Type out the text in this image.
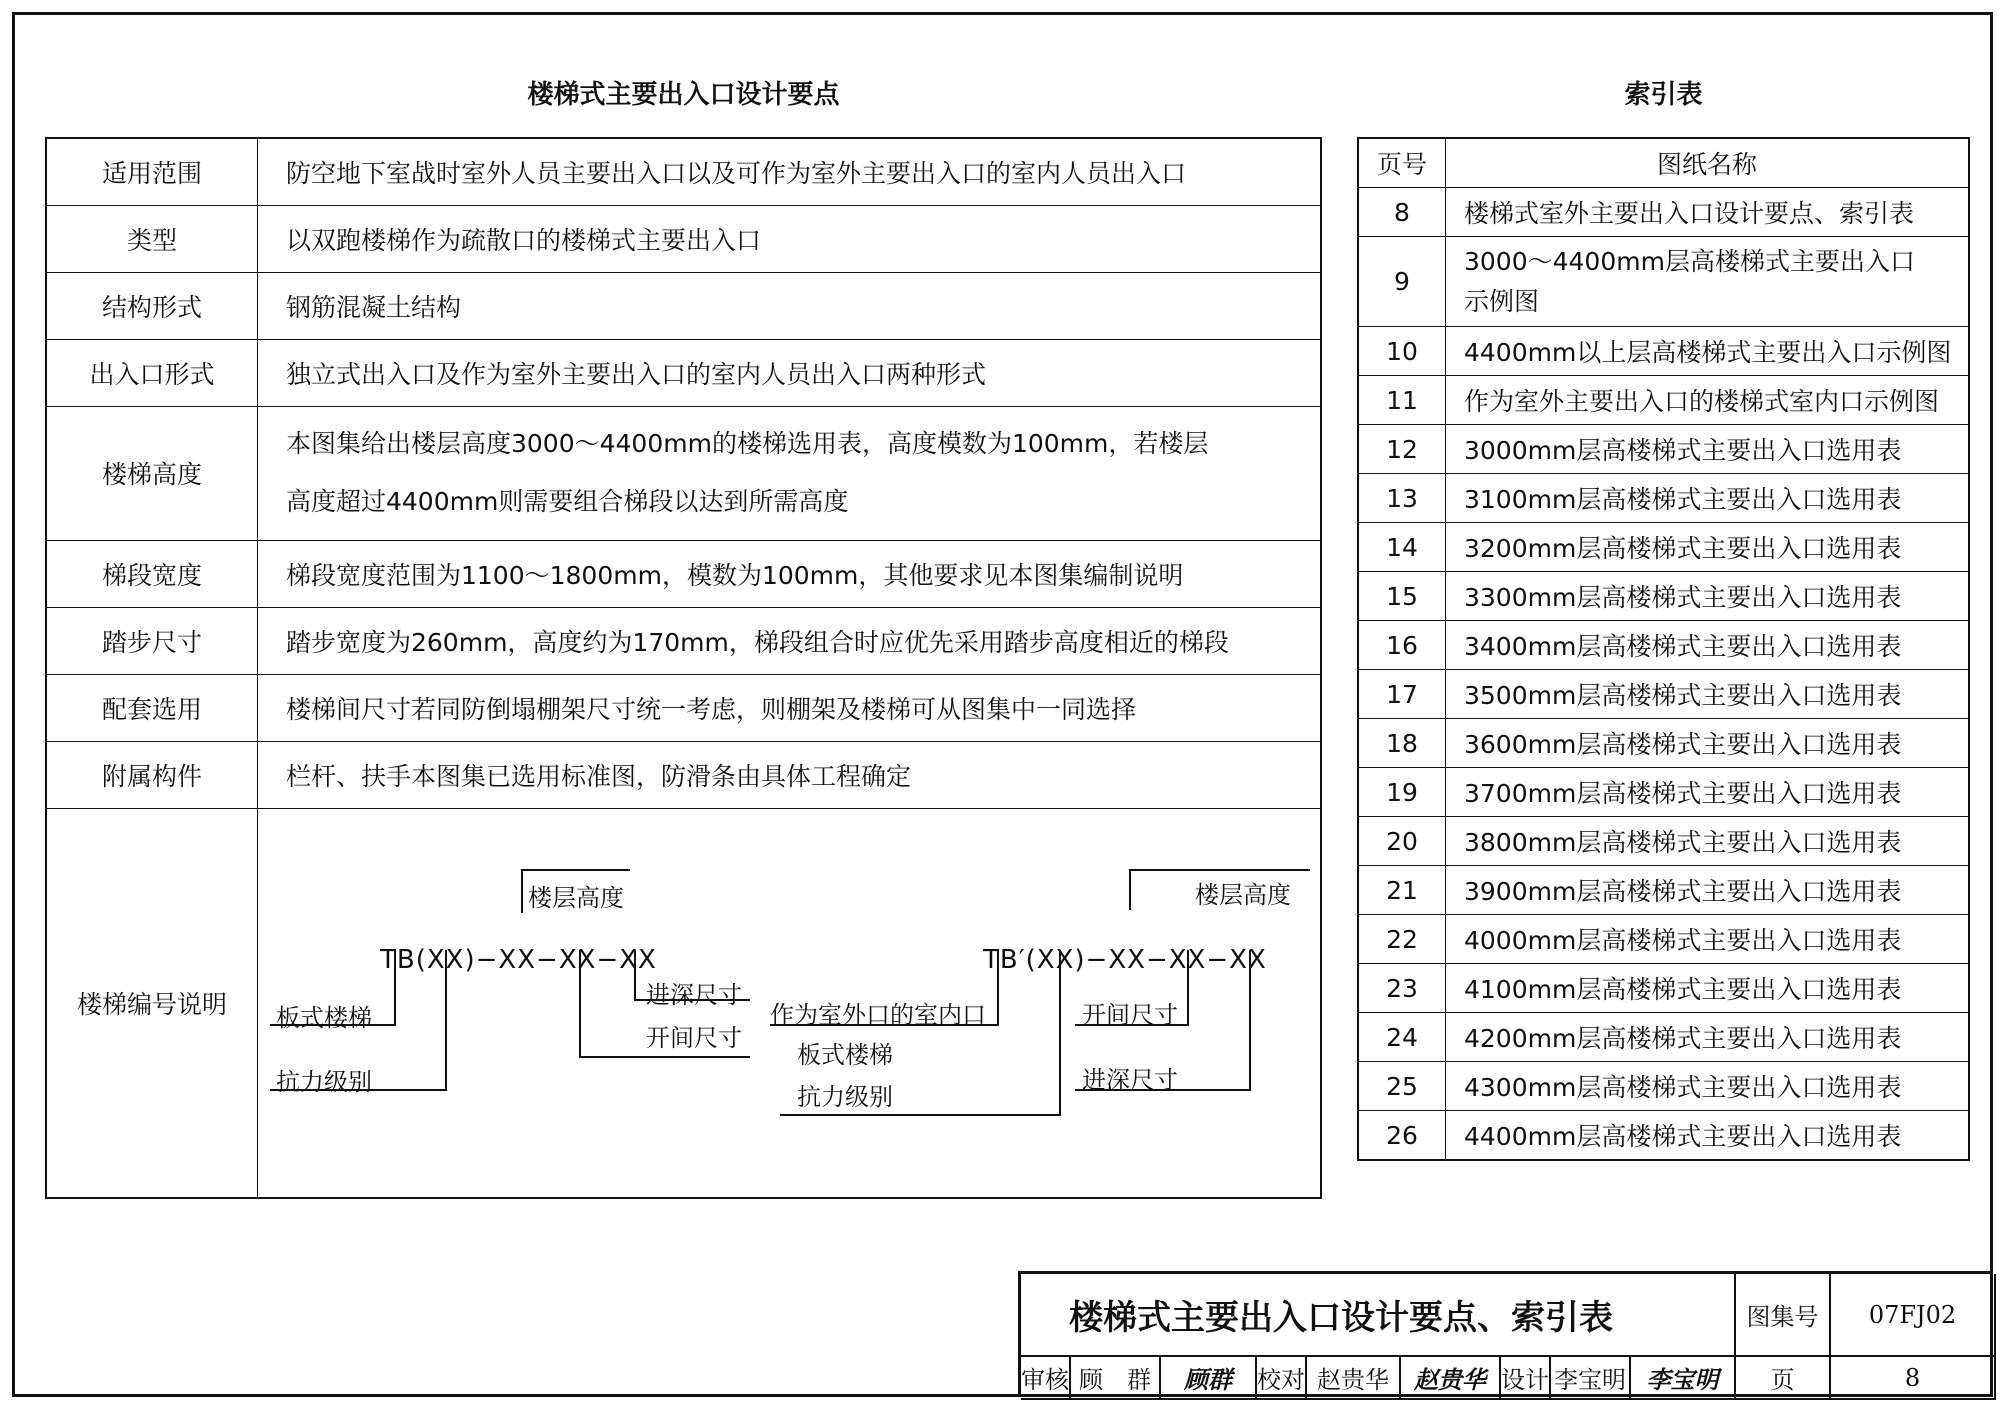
楼梯式主要出入口设计要点	索引表
适用范围	防空地下室战时室外人员主要出入口以及可作为室外主要出入口的室内人员出入口
类型	以双跑楼梯作为疏散口的楼梯式主要出入口
结构形式	钢筋混凝土结构
出入口形式	独立式出入口及作为室外主要出入口的室内人员出入口两种形式
楼梯高度	本图集给出楼层高度3000～4400mm的楼梯选用表，高度模数为100mm，若楼层
高度超过4400mm则需要组合梯段以达到所需高度

梯段宽度	梯段宽度范围为1100～1800mm，模数为100mm，其他要求见本图集编制说明
踏步尺寸	踏步宽度为260mm，高度约为170mm，梯段组合时应优先采用踏步高度相近的梯段
配套选用	楼梯间尺寸若同防倒塌棚架尺寸统一考虑，则棚架及楼梯可从图集中一同选择
附属构件	栏杆、扶手本图集已选用标准图，防滑条由具体工程确定
楼梯编号说明	
楼层高度
TB(XX)−XX−XX−XX
进深尺寸
开间尺寸
板式楼梯
抗力级别
楼层高度
TB′(XX)−XX−XX−XX
作为室外口的室内口
板式楼梯
抗力级别
开间尺寸
进深尺寸
页号	图纸名称
8	楼梯式室外主要出入口设计要点、索引表
9	3000～4400mm层高楼梯式主要出入口
示例图

10	4400mm以上层高楼梯式主要出入口示例图
11	作为室外主要出入口的楼梯式室内口示例图
12	3000mm层高楼梯式主要出入口选用表
13	3100mm层高楼梯式主要出入口选用表
14	3200mm层高楼梯式主要出入口选用表
15	3300mm层高楼梯式主要出入口选用表
16	3400mm层高楼梯式主要出入口选用表
17	3500mm层高楼梯式主要出入口选用表
18	3600mm层高楼梯式主要出入口选用表
19	3700mm层高楼梯式主要出入口选用表
20	3800mm层高楼梯式主要出入口选用表
21	3900mm层高楼梯式主要出入口选用表
22	4000mm层高楼梯式主要出入口选用表
23	4100mm层高楼梯式主要出入口选用表
24	4200mm层高楼梯式主要出入口选用表
25	4300mm层高楼梯式主要出入口选用表
26	4400mm层高楼梯式主要出入口选用表
楼梯式主要出入口设计要点、索引表	图集号	07FJ02
审核 顾　群	顾群	校对 赵贵华	赵贵华 设计 李宝明 李宝明	页	8
